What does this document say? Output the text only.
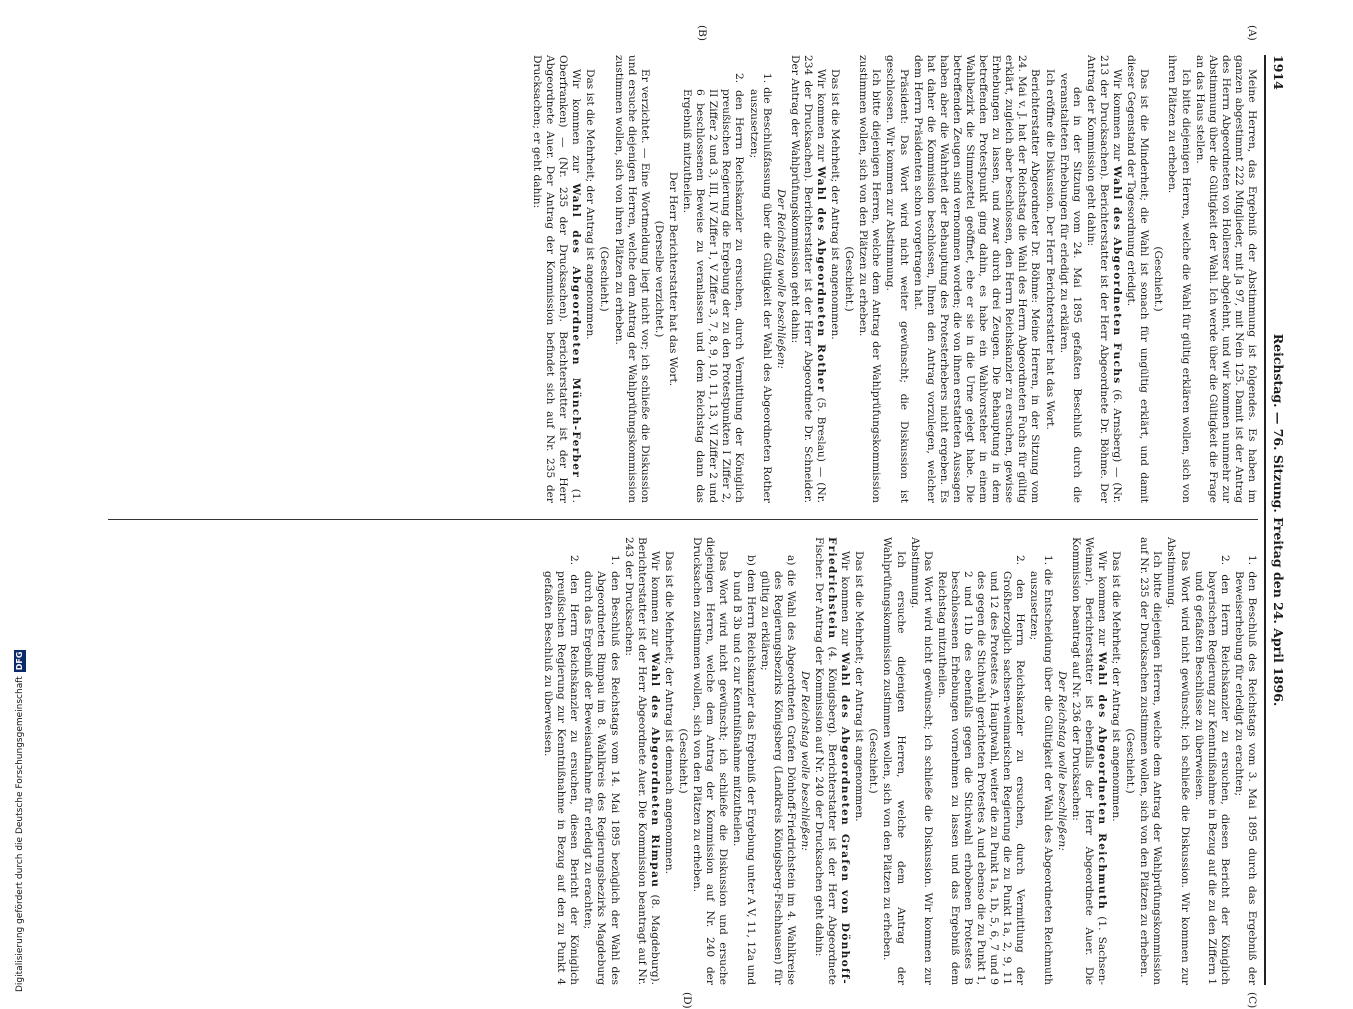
1914
Reichstag. — 76. Sitzung. Freitag den 24. April 1896.
(A)
(B)
(C)
(D)

Meine Herren, das Ergebniß der Abstimmung ist folgendes. Es haben im ganzen abgestimmt 222 Mitglieder, mit Ja 97, mit Nein 125. Damit ist der Antrag des Herrn Abgeordneten von Hollenser abgelehnt, und wir kommen nunmehr zur Abstimmung über die Gültigkeit der Wahl. Ich werde über die Gültigkeit die Frage an das Haus stellen.

Ich bitte diejenigen Herren, welche die Wahl für gültig erklären wollen, sich von ihren Plätzen zu erheben.

(Geschieht.)

Das ist die Minderheit; die Wahl ist sonach für ungültig erklärt, und damit dieser Gegenstand der Tagesordnung erledigt.

Wir kommen zur Wahl des Abgeordneten Fuchs (6. Arnsberg) — (Nr. 213 der Drucksachen). Berichterstatter ist der Herr Abgeordnete Dr. Böhme. Der Antrag der Kommission geht dahin:

den in der Sitzung vom 24. Mai 1895 gefaßten Beschluß durch die veranstalteten Erhebungen für erledigt zu erklären.

Ich eröffne die Diskussion. Der Herr Berichterstatter hat das Wort.

Berichterstatter Abgeordneter Dr. Böhme: Meine Herren, in der Sitzung vom 24. Mai v. J. hat der Reichstag die Wahl des Herrn Abgeordneten Fuchs für gültig erklärt, zugleich aber beschlossen, den Herrn Reichskanzler zu ersuchen, gewisse Erhebungen zu lassen, und zwar durch drei Zeugen. Die Behauptung in dem betreffenden Protestpunkt ging dahin, es habe ein Wahlvorsteher in einem Wahlbezirk die Stimmzettel geöffnet, ehe er sie in die Urne gelegt habe. Die betreffenden Zeugen sind vernommen worden; die von ihnen erstatteten Aussagen haben aber die Wahrheit der Behauptung des Protesterhebers nicht ergeben. Es hat daher die Kommission beschlossen, Ihnen den Antrag vorzulegen, welcher dem Herrn Präsidenten schon vorgetragen hat.

Präsident: Das Wort wird nicht weiter gewünscht; die Diskussion ist geschlossen. Wir kommen zur Abstimmung.

Ich bitte diejenigen Herren, welche dem Antrag der Wahlprüfungskommission zustimmen wollen, sich von den Plätzen zu erheben.

(Geschieht.)

Das ist die Mehrheit; der Antrag ist angenommen.

Wir kommen zur Wahl des Abgeordneten Rother (5. Breslau) — (Nr. 234 der Drucksachen). Berichterstatter ist der Herr Abgeordnete Dr. Schneider. Der Antrag der Wahlprüfungskommission geht dahin:

Der Reichstag wolle beschließen:

1. die Beschlußfassung über die Gültigkeit der Wahl des Abgeordneten Rother auszusetzen;

2. den Herrn Reichskanzler zu ersuchen, durch Vermittlung der Königlich preußischen Regierung die Ergebung der zu den Protestpunkten I Ziffer 2, II Ziffer 2 und 3, III, IV Ziffer 1, V Ziffer 3, 7, 8, 9, 10, 11, 13, VI Ziffer 2 und 6 beschlossenen Beweise zu veranlassen und dem Reichstag dann das Ergebniß mitzutheilen.

Der Herr Berichterstatter hat das Wort.

(Derselbe verzichtet.)

Er verzichtet. — Eine Wortmeldung liegt nicht vor; ich schließe die Diskussion und ersuche diejenigen Herren, welche dem Antrag der Wahlprüfungskommission zustimmen wollen, sich von ihren Plätzen zu erheben.

(Geschieht.)

Das ist die Mehrheit; der Antrag ist angenommen.

Wir kommen zur Wahl des Abgeordneten Münch-Ferber (1. Oberfranken) — (Nr. 235 der Drucksachen). Berichterstatter ist der Herr Abgeordnete Auer. Der Antrag der Kommission befindet sich auf Nr. 235 der Drucksachen; er geht dahin:

1. den Beschluß des Reichstags vom 3. Mai 1895 durch das Ergebniß der Beweiserhebung für erledigt zu erachten;

2. den Herrn Reichskanzler zu ersuchen, diesen Bericht der Königlich bayerischen Regierung zur Kenntnißnahme in Bezug auf die zu den Ziffern 1 und 6 gefaßten Beschlüsse zu überweisen.

Das Wort wird nicht gewünscht; ich schließe die Diskussion. Wir kommen zur Abstimmung.

Ich bitte diejenigen Herren, welche dem Antrag der Wahlprüfungskommission auf Nr. 235 der Drucksachen zustimmen wollen, sich von den Plätzen zu erheben.

(Geschieht.)

Das ist die Mehrheit; der Antrag ist angenommen.

Wir kommen zur Wahl des Abgeordneten Reichmuth (1. Sachsen-Weimar). Berichterstatter ist ebenfalls der Herr Abgeordnete Auer. Die Kommission beantragt auf Nr. 236 der Drucksachen:

Der Reichstag wolle beschließen:

1. die Entscheidung über die Gültigkeit der Wahl des Abgeordneten Reichmuth auszusetzen;

2. den Herrn Reichskanzler zu ersuchen, durch Vermittlung der Großherzoglich sachsen-weimarischen Regierung die zu Punkt 1a, 2, 9, 11 und 12 des Protestes A, Hauptwahl, weiter die zu Punkt 1a, 1b, 5, 6, 7 und 9 des gegen die Stichwahl gerichteten Protestes A und ebenso die zu Punkt 1, 2 und 11b des ebenfalls gegen die Stichwahl erhobenen Protestes B beschlossenen Erhebungen vornehmen zu lassen und das Ergebniß dem Reichstag mitzutheilen.

Das Wort wird nicht gewünscht; ich schließe die Diskussion. Wir kommen zur Abstimmung.

Ich ersuche diejenigen Herren, welche dem Antrag der Wahlprüfungskommission zustimmen wollen, sich von den Plätzen zu erheben.

(Geschieht.)

Das ist die Mehrheit; der Antrag ist angenommen.

Wir kommen zur Wahl des Abgeordneten Grafen von Dönhoff-Friedrichstein (4. Königsberg). Berichterstatter ist der Herr Abgeordnete Fischer. Der Antrag der Kommission auf Nr. 240 der Drucksachen geht dahin:

Der Reichstag wolle beschließen:

a) die Wahl des Abgeordneten Grafen Dönhoff-Friedrichstein im 4. Wahlkreise des Regierungsbezirks Königsberg (Landkreis Königsberg-Fischhausen) für gültig zu erklären;

b) dem Herrn Reichskanzler das Ergebniß der Ergebung unter A V, 11, 12a und b und B 3b und c zur Kenntnißnahme mitzutheilen.

Das Wort wird nicht gewünscht; ich schließe die Diskussion und ersuche diejenigen Herren, welche dem Antrag der Kommission auf Nr. 240 der Drucksachen zustimmen wollen, sich von den Plätzen zu erheben.

(Geschieht.)

Das ist die Mehrheit; der Antrag ist demnach angenommen.

Wir kommen zur Wahl des Abgeordneten Rimpau (8. Magdeburg). Berichterstatter ist der Herr Abgeordnete Auer. Die Kommission beantragt auf Nr. 243 der Drucksachen:

1. den Beschluß des Reichstags vom 14. Mai 1895 bezüglich der Wahl des Abgeordneten Rimpau im 8. Wahlkreis des Regierungsbezirks Magdeburg durch das Ergebniß der Beweisaufnahme für erledigt zu erachten;

2. den Herrn Reichskanzler zu ersuchen, diesen Bericht der Königlich preußischen Regierung zur Kenntnißnahme in Bezug auf den zu Punkt 4 gefaßten Beschluß zu überweisen.

Digitalisierung gefördert durch die Deutsche ForschungsgemeinschaftDFG
